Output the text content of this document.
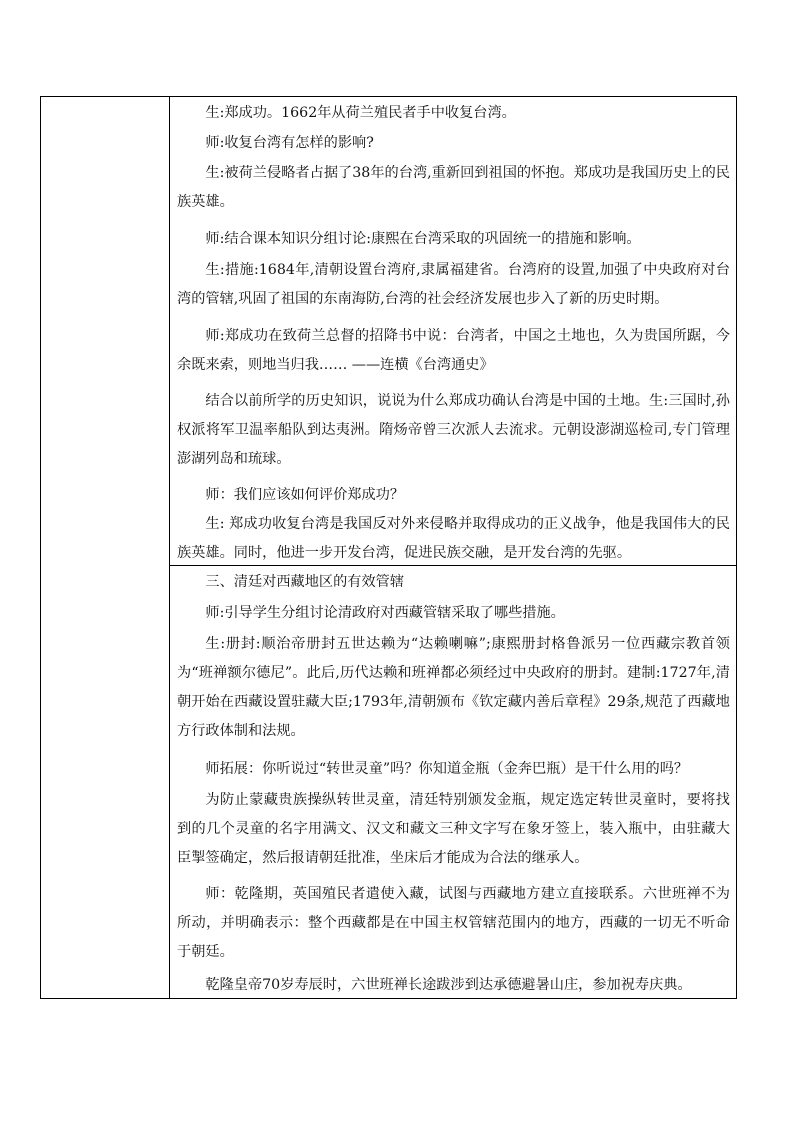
生:郑成功。1662年从荷兰殖民者手中收复台湾。

师:收复台湾有怎样的影响?

生:被荷兰侵略者占据了38年的台湾,重新回到祖国的怀抱。郑成功是我国历史上的民族英雄。

师:结合课本知识分组讨论:康熙在台湾采取的巩固统一的措施和影响。

生:措施:1684年,清朝设置台湾府,隶属福建省。台湾府的设置,加强了中央政府对台湾的管辖,巩固了祖国的东南海防,台湾的社会经济发展也步入了新的历史时期。

师:郑成功在致荷兰总督的招降书中说：台湾者，中国之土地也，久为贵国所踞，今余既来索，则地当归我…… ——连横《台湾通史》

结合以前所学的历史知识，说说为什么郑成功确认台湾是中国的土地。生:三国时,孙权派将军卫温率船队到达夷洲。隋炀帝曾三次派人去流求。元朝设澎湖巡检司,专门管理澎湖列岛和琉球。

师：我们应该如何评价郑成功？

生: 郑成功收复台湾是我国反对外来侵略并取得成功的正义战争，他是我国伟大的民族英雄。同时，他进一步开发台湾，促进民族交融，是开发台湾的先驱。

三、清廷对西藏地区的有效管辖

师:引导学生分组讨论清政府对西藏管辖采取了哪些措施。

生:册封:顺治帝册封五世达赖为“达赖喇嘛”;康熙册封格鲁派另一位西藏宗教首领为“班禅额尔德尼”。此后,历代达赖和班禅都必须经过中央政府的册封。建制:1727年,清朝开始在西藏设置驻藏大臣;1793年,清朝颁布《钦定藏内善后章程》29条,规范了西藏地方行政体制和法规。

师拓展：你听说过“转世灵童”吗？你知道金瓶（金奔巴瓶）是干什么用的吗？

为防止蒙藏贵族操纵转世灵童，清廷特别颁发金瓶，规定选定转世灵童时，要将找到的几个灵童的名字用满文、汉文和藏文三种文字写在象牙签上，装入瓶中，由驻藏大臣掣签确定，然后报请朝廷批准，坐床后才能成为合法的继承人。

师：乾隆期，英国殖民者遣使入藏，试图与西藏地方建立直接联系。六世班禅不为所动，并明确表示：整个西藏都是在中国主权管辖范围内的地方，西藏的一切无不听命于朝廷。

乾隆皇帝70岁寿辰时，六世班禅长途跋涉到达承德避暑山庄，参加祝寿庆典。
